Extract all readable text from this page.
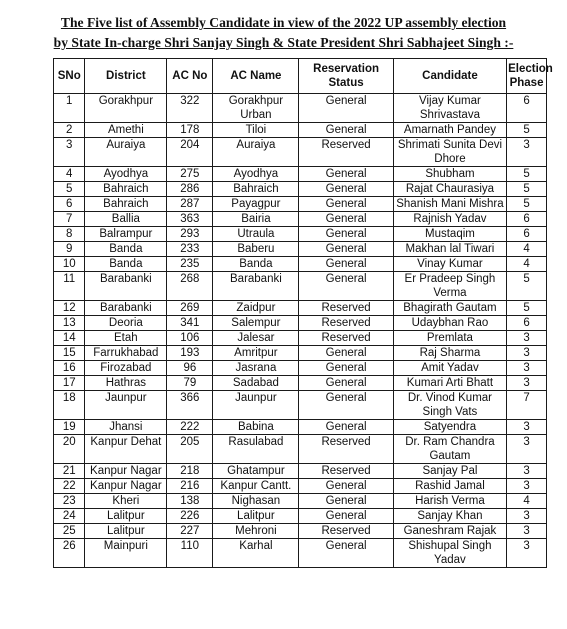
The Five list of Assembly Candidate in view of the 2022 UP assembly election
by State In-charge Shri Sanjay Singh & State President Shri Sabhajeet Singh :-
SNo	District	AC No	AC Name	Reservation Status	Candidate	Election Phase
1	Gorakhpur	322	Gorakhpur Urban	General	Vijay Kumar Shrivastava	6
2	Amethi	178	Tiloi	General	Amarnath Pandey	5
3	Auraiya	204	Auraiya	Reserved	Shrimati Sunita Devi Dhore	3
4	Ayodhya	275	Ayodhya	General	Shubham	5
5	Bahraich	286	Bahraich	General	Rajat Chaurasiya	5
6	Bahraich	287	Payagpur	General	Shanish Mani Mishra	5
7	Ballia	363	Bairia	General	Rajnish Yadav	6
8	Balrampur	293	Utraula	General	Mustaqim	6
9	Banda	233	Baberu	General	Makhan lal Tiwari	4
10	Banda	235	Banda	General	Vinay Kumar	4
11	Barabanki	268	Barabanki	General	Er Pradeep Singh Verma	5
12	Barabanki	269	Zaidpur	Reserved	Bhagirath Gautam	5
13	Deoria	341	Salempur	Reserved	Udaybhan Rao	6
14	Etah	106	Jalesar	Reserved	Premlata	3
15	Farrukhabad	193	Amritpur	General	Raj Sharma	3
16	Firozabad	96	Jasrana	General	Amit Yadav	3
17	Hathras	79	Sadabad	General	Kumari Arti Bhatt	3
18	Jaunpur	366	Jaunpur	General	Dr. Vinod Kumar Singh Vats	7
19	Jhansi	222	Babina	General	Satyendra	3
20	Kanpur Dehat	205	Rasulabad	Reserved	Dr. Ram Chandra Gautam	3
21	Kanpur Nagar	218	Ghatampur	Reserved	Sanjay Pal	3
22	Kanpur Nagar	216	Kanpur Cantt.	General	Rashid Jamal	3
23	Kheri	138	Nighasan	General	Harish Verma	4
24	Lalitpur	226	Lalitpur	General	Sanjay Khan	3
25	Lalitpur	227	Mehroni	Reserved	Ganeshram Rajak	3
26	Mainpuri	110	Karhal	General	Shishupal Singh Yadav	3
